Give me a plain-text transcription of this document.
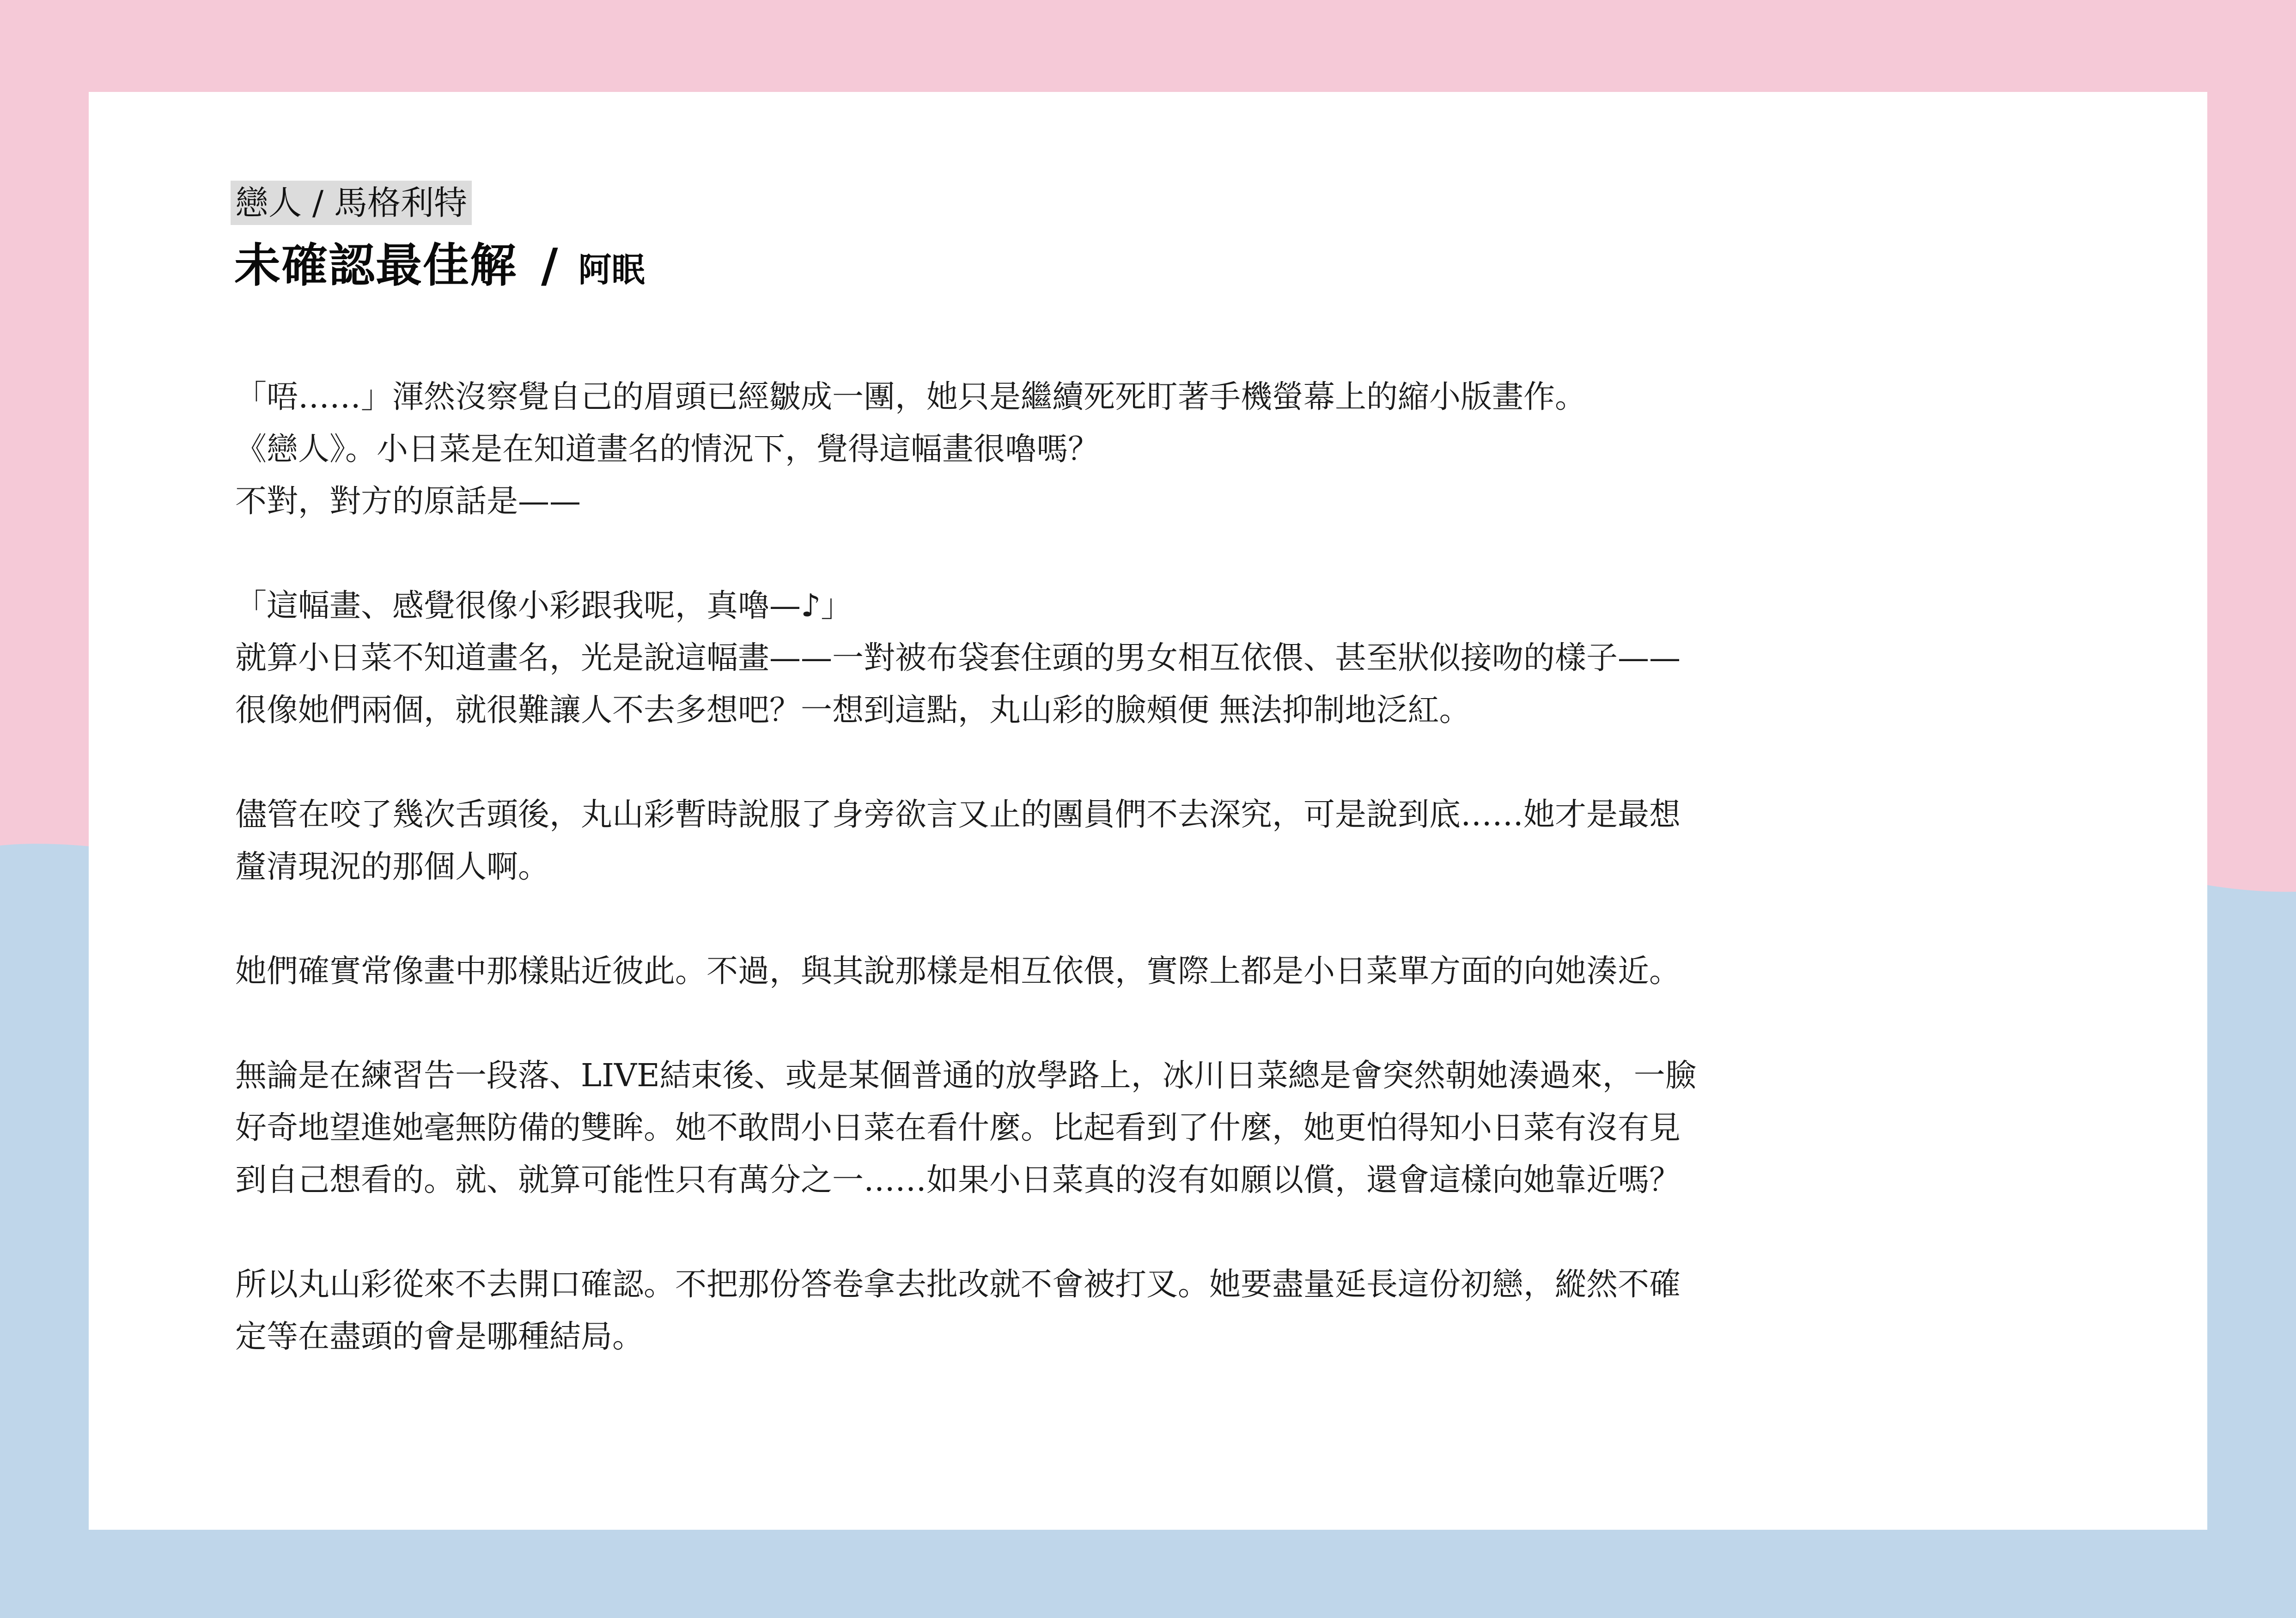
戀人 / 馬格利特
未確認最佳解 / 阿眠
「唔……」渾然沒察覺自己的眉頭已經皺成一團，她只是繼續死死盯著手機螢幕上的縮小版畫作。
《戀人》。小日菜是在知道畫名的情況下，覺得這幅畫很嚕嗎？
不對，對方的原話是——
「這幅畫、感覺很像小彩跟我呢，真嚕—♪」
就算小日菜不知道畫名，光是說這幅畫——一對被布袋套住頭的男女相互依偎、甚至狀似接吻的樣子——
很像她們兩個，就很難讓人不去多想吧？一想到這點，丸山彩的臉頰便 無法抑制地泛紅。
儘管在咬了幾次舌頭後，丸山彩暫時說服了身旁欲言又止的團員們不去深究，可是說到底……她才是最想
釐清現況的那個人啊。
她們確實常像畫中那樣貼近彼此。不過，與其說那樣是相互依偎，實際上都是小日菜單方面的向她湊近。
無論是在練習告一段落、LIVE結束後、或是某個普通的放學路上，冰川日菜總是會突然朝她湊過來，一臉
好奇地望進她毫無防備的雙眸。她不敢問小日菜在看什麼。比起看到了什麼，她更怕得知小日菜有沒有見
到自己想看的。就、就算可能性只有萬分之一……如果小日菜真的沒有如願以償，還會這樣向她靠近嗎？
所以丸山彩從來不去開口確認。不把那份答卷拿去批改就不會被打叉。她要盡量延長這份初戀，縱然不確
定等在盡頭的會是哪種結局。
